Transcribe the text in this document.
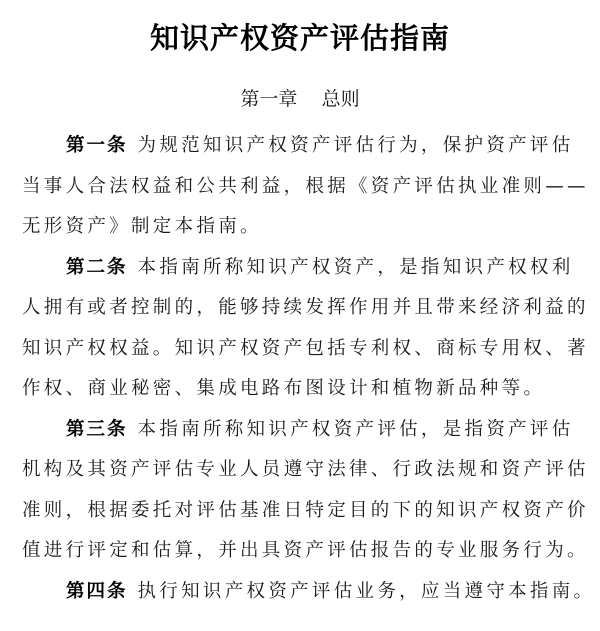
知识产权资产评估指南
第一章    总则
第一条 为规范知识产权资产评估行为，保护资产评估
当事人合法权益和公共利益，根据《资产评估执业准则——
无形资产》制定本指南。
第二条 本指南所称知识产权资产，是指知识产权权利
人拥有或者控制的，能够持续发挥作用并且带来经济利益的
知识产权权益。知识产权资产包括专利权、商标专用权、著
作权、商业秘密、集成电路布图设计和植物新品种等。
第三条 本指南所称知识产权资产评估，是指资产评估
机构及其资产评估专业人员遵守法律、行政法规和资产评估
准则，根据委托对评估基准日特定目的下的知识产权资产价
值进行评定和估算，并出具资产评估报告的专业服务行为。
第四条 执行知识产权资产评估业务，应当遵守本指南。
